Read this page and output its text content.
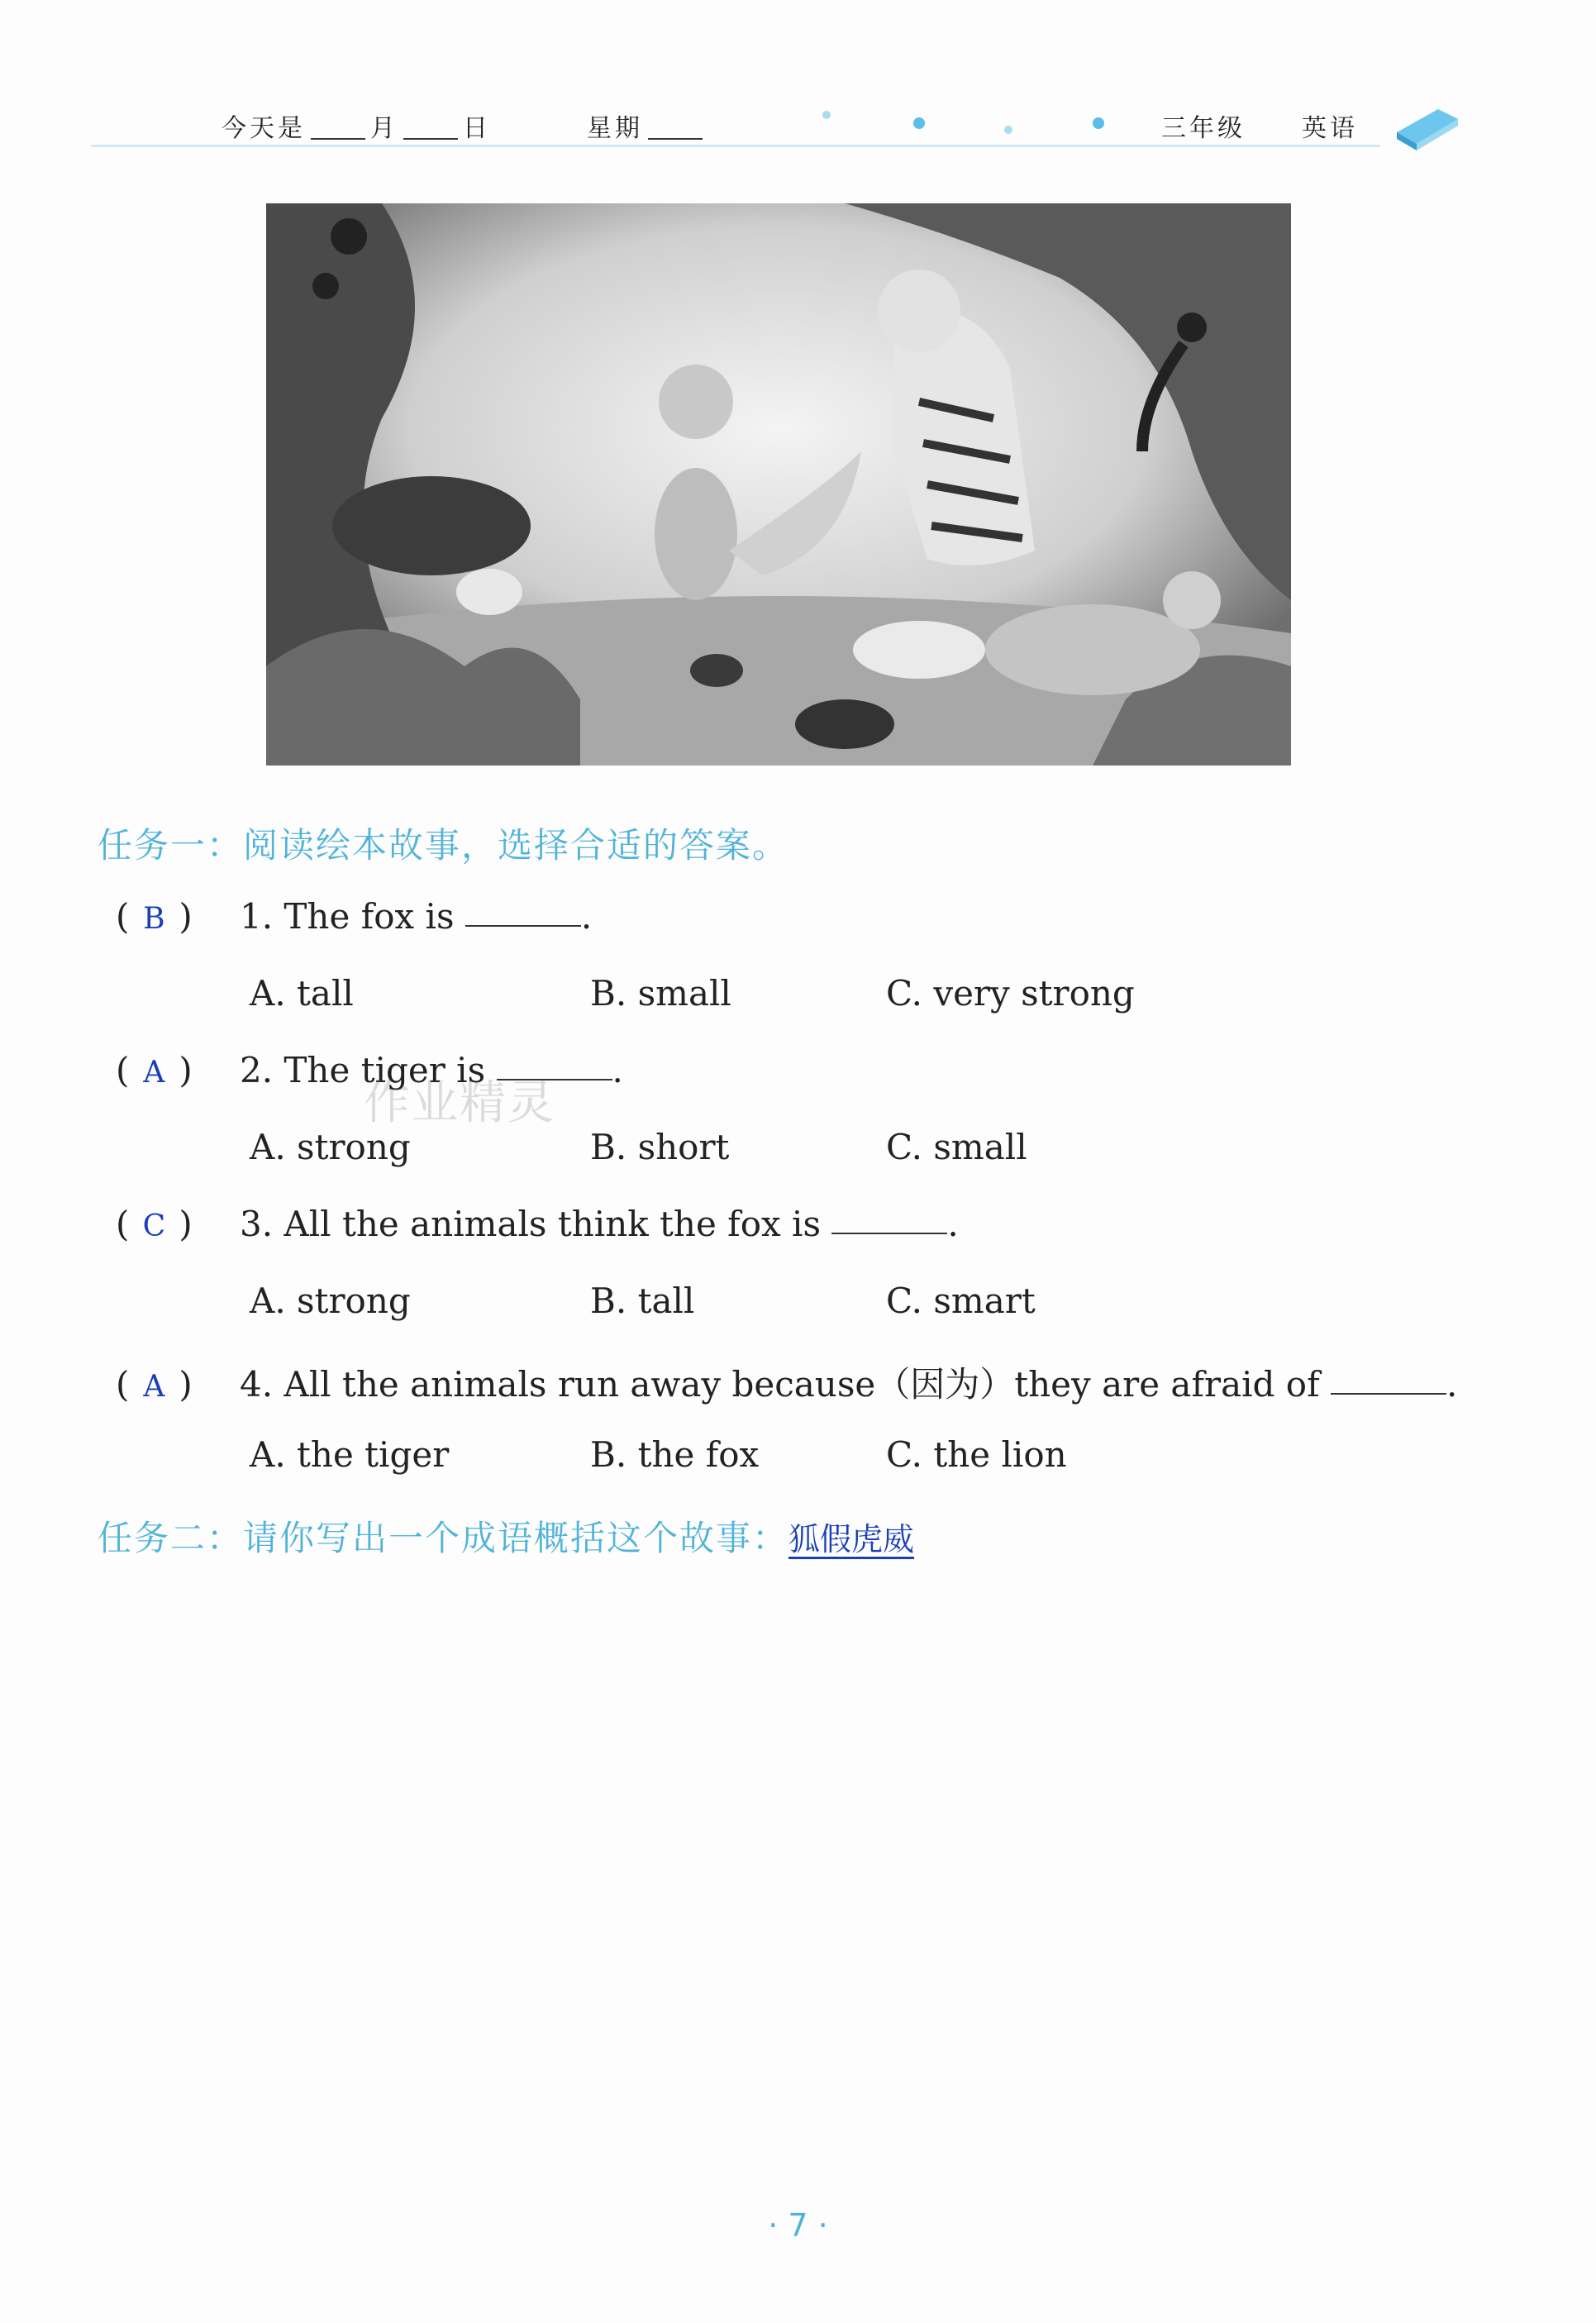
今天是	月	日	星期	三年级 英语
任务一：阅读绘本故事，选择合适的答案。
( B ) 1. The fox is	.
A. tall	B. small	C. very strong
( A ) 2. The tiger is	.
A. strong	B. short	C. small
作业精灵
( C ) 3. All the animals think the fox is	.
A. strong	B. tall	C. smart
( A ) 4. All the animals run away because（因为）they are afraid of	.
A. the tiger	B. the fox	C. the lion
任务二：请你写出一个成语概括这个故事：狐假虎威
· 7 ·
